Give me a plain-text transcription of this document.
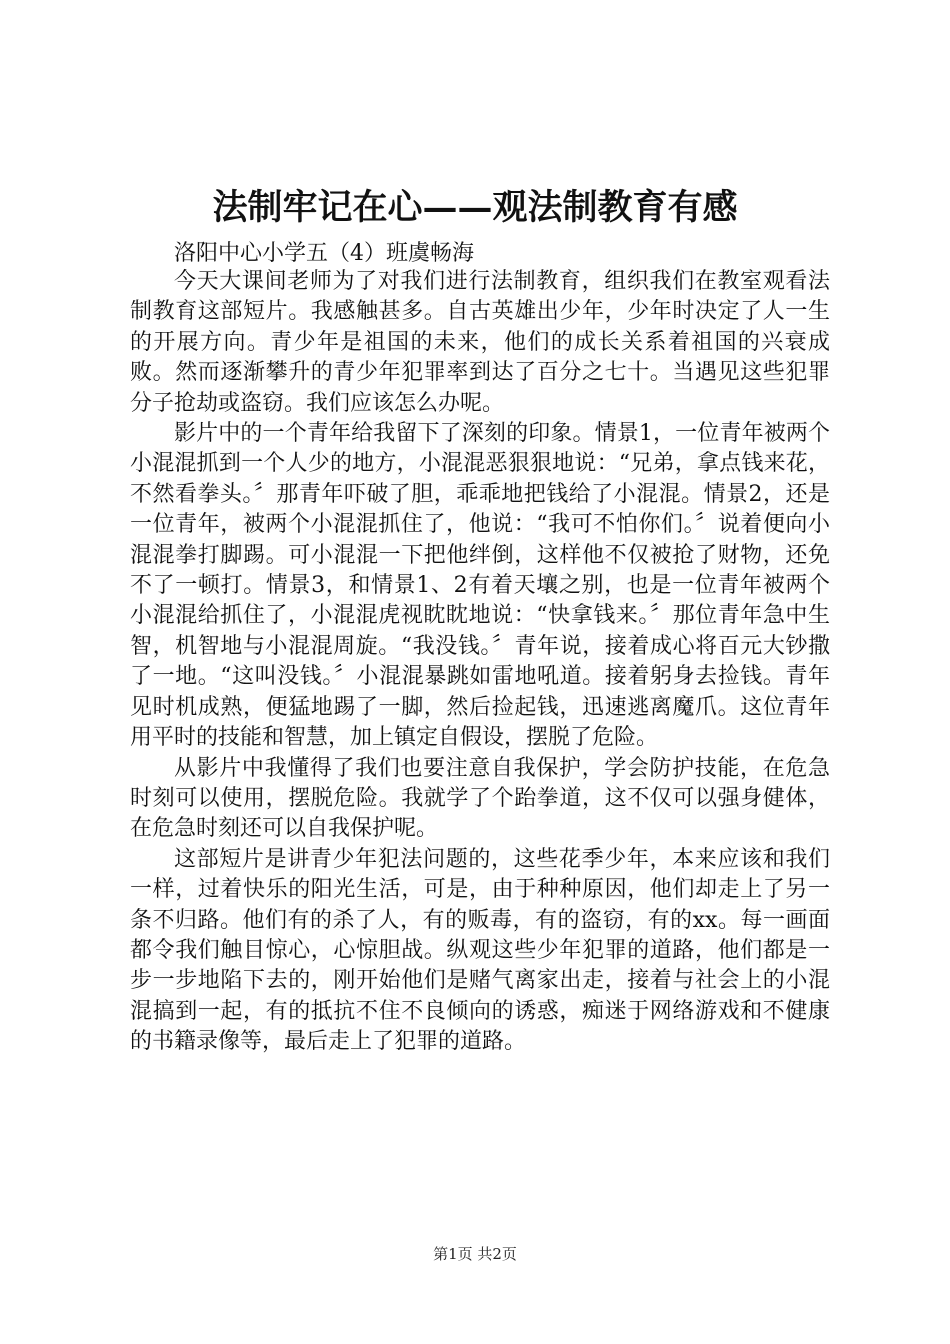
法制牢记在心——观法制教育有感
洛阳中心小学五（4）班虞畅海

今天大课间老师为了对我们进行法制教育，组织我们在教室观看法制教育这部短片。我感触甚多。自古英雄出少年，少年时决定了人一生的开展方向。青少年是祖国的未来，他们的成长关系着祖国的兴衰成败。然而逐渐攀升的青少年犯罪率到达了百分之七十。当遇见这些犯罪分子抢劫或盗窃。我们应该怎么办呢。

影片中的一个青年给我留下了深刻的印象。情景1，一位青年被两个小混混抓到一个人少的地方，小混混恶狠狠地说：“兄弟，拿点钱来花，不然看拳头。〞那青年吓破了胆，乖乖地把钱给了小混混。情景2，还是一位青年，被两个小混混抓住了，他说：“我可不怕你们。〞说着便向小混混拳打脚踢。可小混混一下把他绊倒，这样他不仅被抢了财物，还免不了一顿打。情景3，和情景1、2有着天壤之别，也是一位青年被两个小混混给抓住了，小混混虎视眈眈地说：“快拿钱来。〞那位青年急中生智，机智地与小混混周旋。“我没钱。〞青年说，接着成心将百元大钞撒了一地。“这叫没钱。〞小混混暴跳如雷地吼道。接着躬身去捡钱。青年见时机成熟，便猛地踢了一脚，然后捡起钱，迅速逃离魔爪。这位青年用平时的技能和智慧，加上镇定自假设，摆脱了危险。

从影片中我懂得了我们也要注意自我保护，学会防护技能，在危急时刻可以使用，摆脱危险。我就学了个跆拳道，这不仅可以强身健体，在危急时刻还可以自我保护呢。

这部短片是讲青少年犯法问题的，这些花季少年，本来应该和我们一样，过着快乐的阳光生活，可是，由于种种原因，他们却走上了另一条不归路。他们有的杀了人，有的贩毒，有的盗窃，有的xx。每一画面都令我们触目惊心，心惊胆战。纵观这些少年犯罪的道路，他们都是一步一步地陷下去的，刚开始他们是赌气离家出走，接着与社会上的小混混搞到一起，有的抵抗不住不良倾向的诱惑，痴迷于网络游戏和不健康的书籍录像等，最后走上了犯罪的道路。

第1页 共2页
